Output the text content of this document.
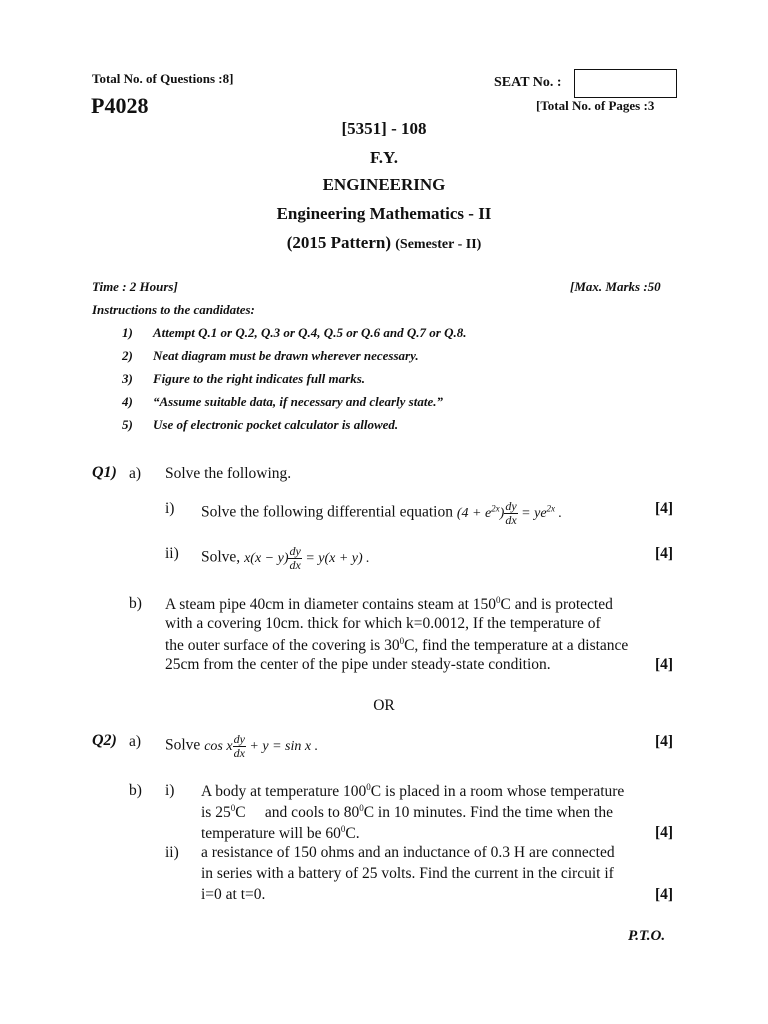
Total No. of Questions :8]	SEAT No. :
P4028	[Total No. of Pages :3
[5351] - 108
F.Y.
ENGINEERING
Engineering Mathematics - II
(2015 Pattern) (Semester - II)
Time : 2 Hours]	[Max. Marks :50
Instructions to the candidates:
1) Attempt Q.1 or Q.2, Q.3 or Q.4, Q.5 or Q.6 and Q.7 or Q.8.
2) Neat diagram must be drawn wherever necessary.
3) Figure to the right indicates full marks.
4) “Assume suitable data, if necessary and clearly state.”
5) Use of electronic pocket calculator is allowed.
Q1) a) Solve the following.
i) Solve the following differential equation $(4 + e^{2x}) \frac{dy}{dx} = ye^{2x}$ .	[4]
ii) Solve, $x(x - y) \frac{dy}{dx} = y(x + y)$ .	[4]
b) A steam pipe 40cm in diameter contains steam at $150^0C$ and is protected
with a covering 10cm. thick for which k=0.0012, If the temperature of
the outer surface of the covering is $30^0C$, find the temperature at a distance
25cm from the center of the pipe under steady-state condition.	[4]
OR
Q2) a) Solve cos x $\frac{dy}{dx} + y = \sin x$ .	[4]
b) i) A body at temperature $100^0C$ is placed in a room whose temperature
is $25^0C$     and cools to $80^0C$ in 10 minutes. Find the time when the
temperature will be $60^0C$.	[4]
ii) a resistance of 150 ohms and an inductance of 0.3 H are connected
in series with a battery of 25 volts. Find the current in the circuit if
i=0 at t=0.	[4]
P.T.O.
